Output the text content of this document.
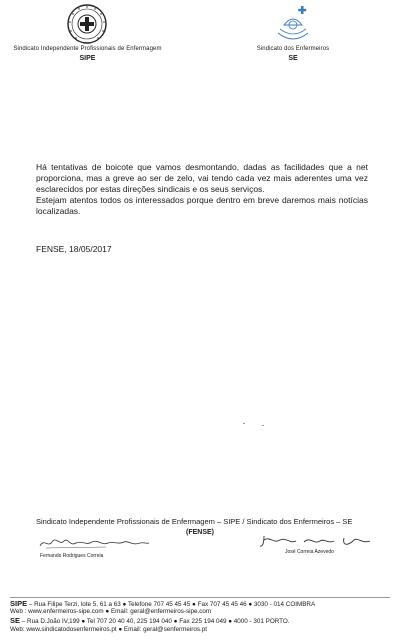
Sindicato Independente Profissionais de Enfermagem
SIPE
Sindicato dos Enfermeiros
SE

Há tentativas de boicote que vamos desmontando, dadas as facilidades que a net proporciona, mas a greve ao ser de zelo, vai tendo cada vez mais aderentes uma vez esclarecidos por estas direções sindicais e os seus serviços.

Estejam atentos todos os interessados porque dentro em breve daremos mais notícias localizadas.

FENSE, 18/05/2017
Sindicato Independente Profissionais de Enfermagem – SIPE / Sindicato dos Enfermeiros – SE
(FENSE)
Fernando Rodrigues Correia
José Correia Azevedo
SIPE – Rua Filipe Terzi, lote 5, 61 a 63 ● Telefone 707 45 45 45 ● Fax 707 45 45 46 ● 3030 - 014 COIMBRA
Web : www.enfermeiros-sipe.com ● Email: geral@enfermeiros-sipe.com
SE – Rua D.João IV,199 ● Tel 707 20 40 40, 225 194 040 ● Fax 225 194 049 ● 4000 - 301 PORTO.
Web: www.sindicatodosenfermeiros.pt ● Email: geral@senfermeiros.pt
